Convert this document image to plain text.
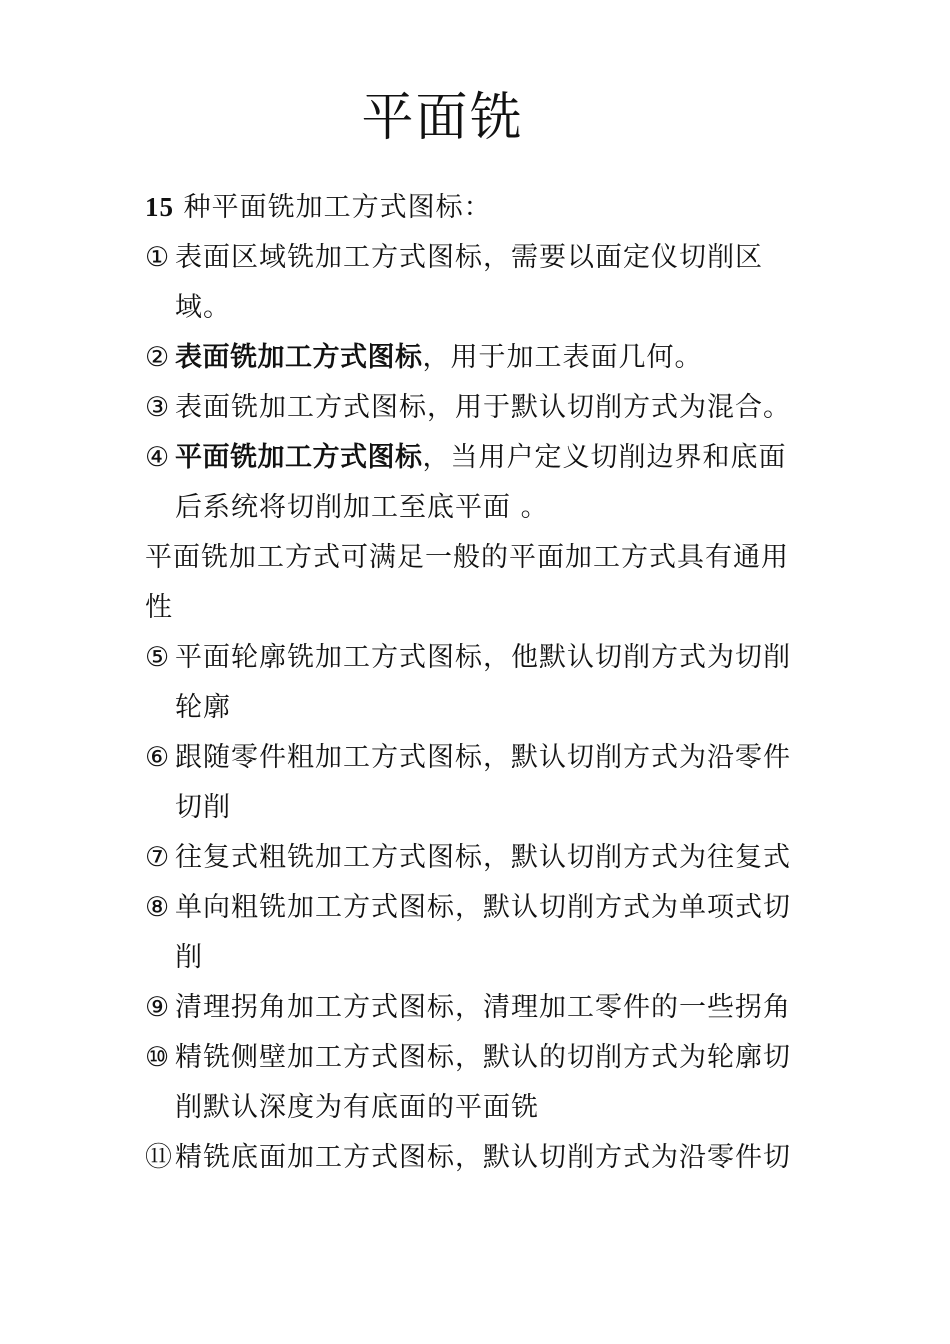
平面铣

15 种平面铣加工方式图标：

① 表面区域铣加工方式图标，需要以面定仪切削区域。
② 表面铣加工方式图标，用于加工表面几何。
③ 表面铣加工方式图标，用于默认切削方式为混合。
④ 平面铣加工方式图标，当用户定义切削边界和底面后系统将切削加工至底平面 。

平面铣加工方式可满足一般的平面加工方式具有通用性

⑤ 平面轮廓铣加工方式图标，他默认切削方式为切削轮廓
⑥ 跟随零件粗加工方式图标，默认切削方式为沿零件切削
⑦ 往复式粗铣加工方式图标，默认切削方式为往复式
⑧ 单向粗铣加工方式图标，默认切削方式为单项式切削
⑨ 清理拐角加工方式图标，清理加工零件的一些拐角
⑩ 精铣侧壁加工方式图标，默认的切削方式为轮廓切削默认深度为有底面的平面铣
⑪ 精铣底面加工方式图标，默认切削方式为沿零件切
